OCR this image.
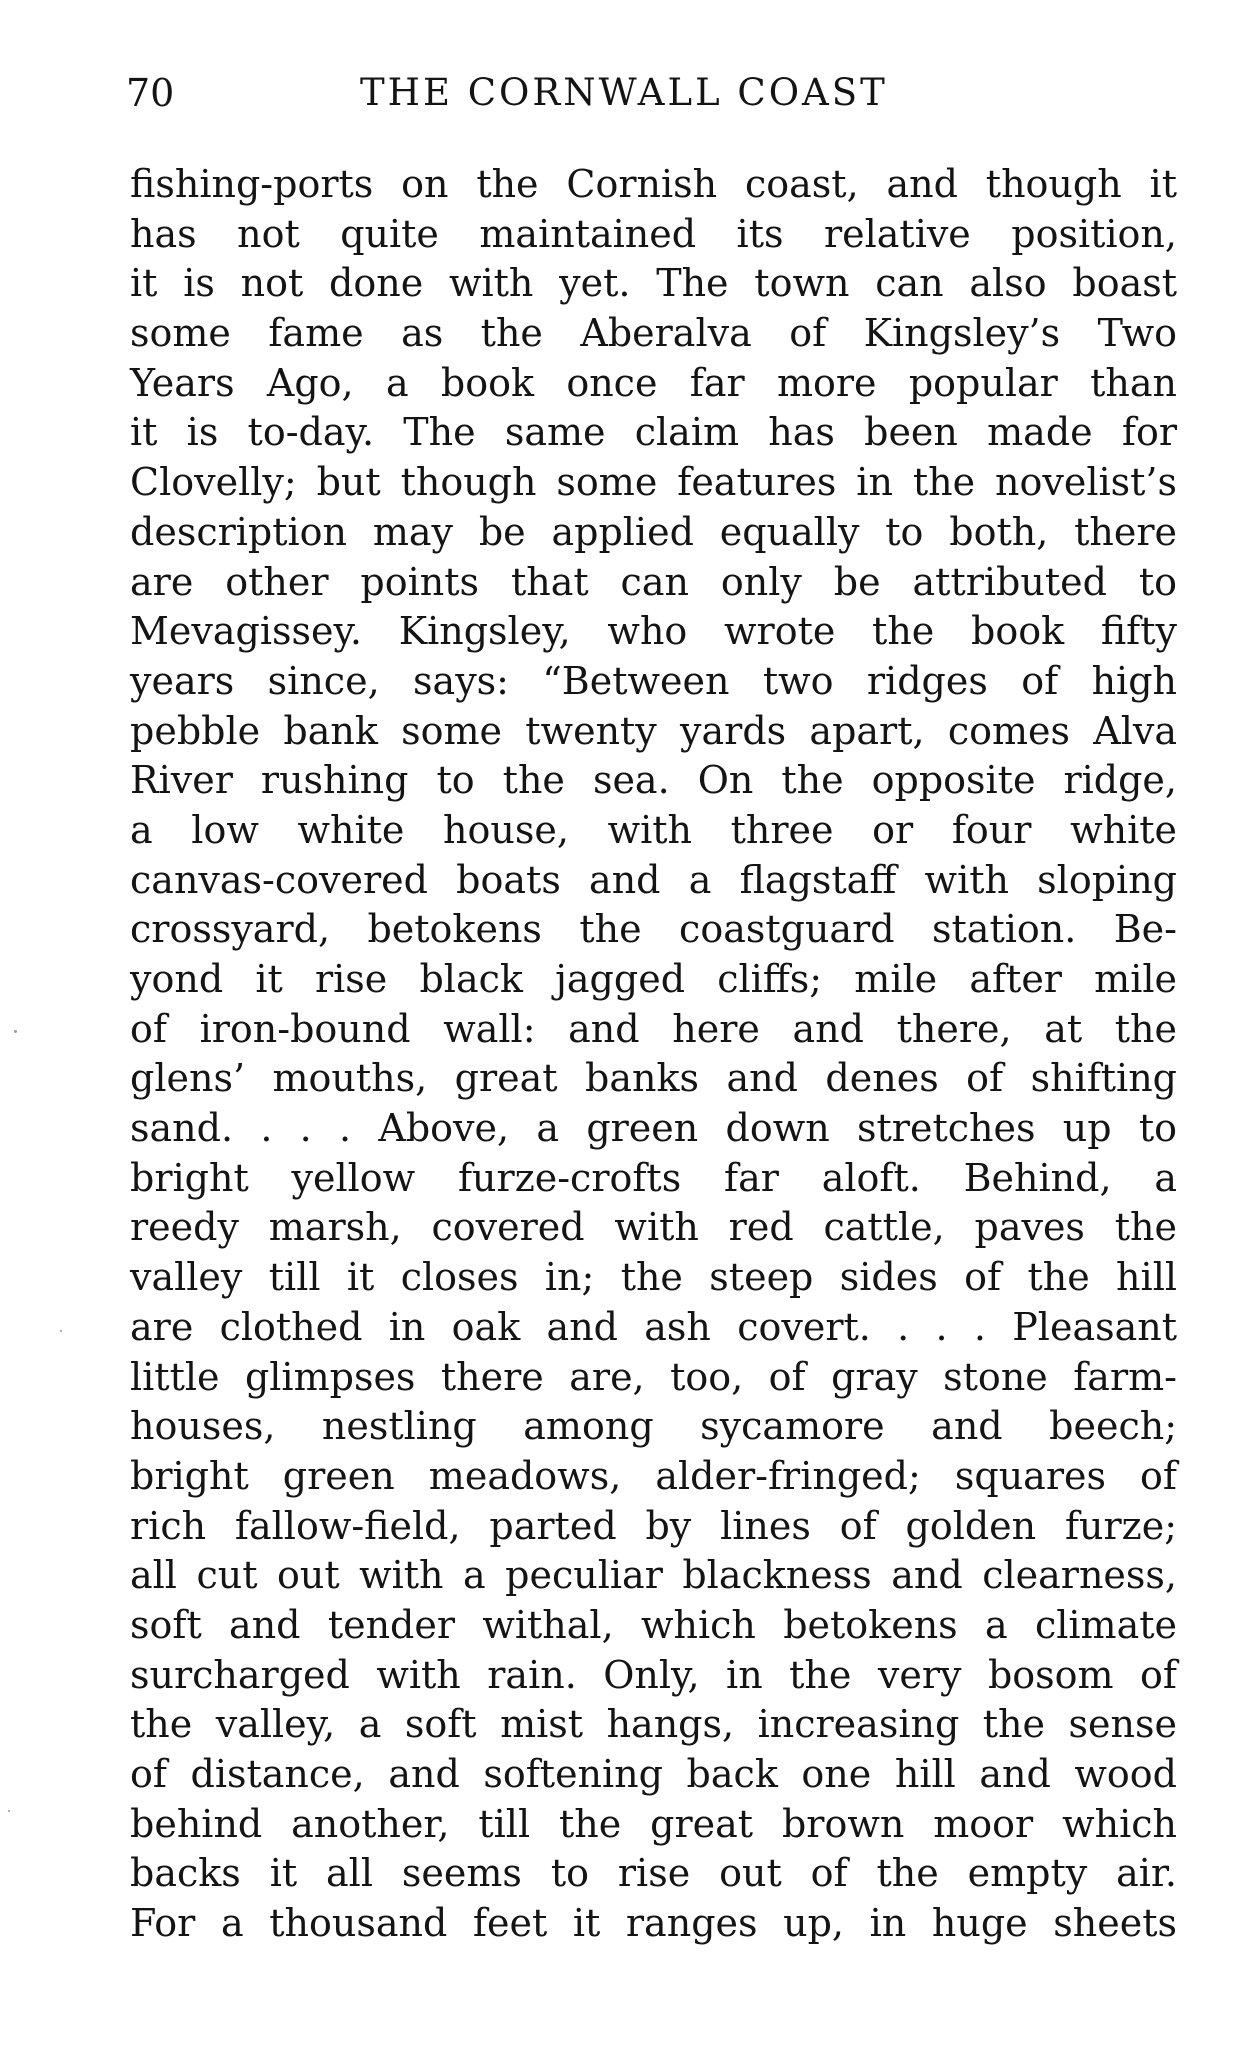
70	THE CORNWALL COAST
fishing-ports on the Cornish coast, and though it
has not quite maintained its relative position,
it is not done with yet. The town can also boast
some fame as the Aberalva of Kingsley’s Two
Years Ago, a book once far more popular than
it is to-day. The same claim has been made for
Clovelly; but though some features in the novelist’s
description may be applied equally to both, there
are other points that can only be attributed to
Mevagissey. Kingsley, who wrote the book fifty
years since, says: “Between two ridges of high
pebble bank some twenty yards apart, comes Alva
River rushing to the sea. On the opposite ridge,
a low white house, with three or four white
canvas-covered boats and a flagstaff with sloping
crossyard, betokens the coastguard station. Be-
yond it rise black jagged cliffs; mile after mile
of iron-bound wall: and here and there, at the
glens’ mouths, great banks and denes of shifting
sand. . . . Above, a green down stretches up to
bright yellow furze-crofts far aloft. Behind, a
reedy marsh, covered with red cattle, paves the
valley till it closes in; the steep sides of the hill
are clothed in oak and ash covert. . . . Pleasant
little glimpses there are, too, of gray stone farm-
houses, nestling among sycamore and beech;
bright green meadows, alder-fringed; squares of
rich fallow-field, parted by lines of golden furze;
all cut out with a peculiar blackness and clearness,
soft and tender withal, which betokens a climate
surcharged with rain. Only, in the very bosom of
the valley, a soft mist hangs, increasing the sense
of distance, and softening back one hill and wood
behind another, till the great brown moor which
backs it all seems to rise out of the empty air.
For a thousand feet it ranges up, in huge sheets
